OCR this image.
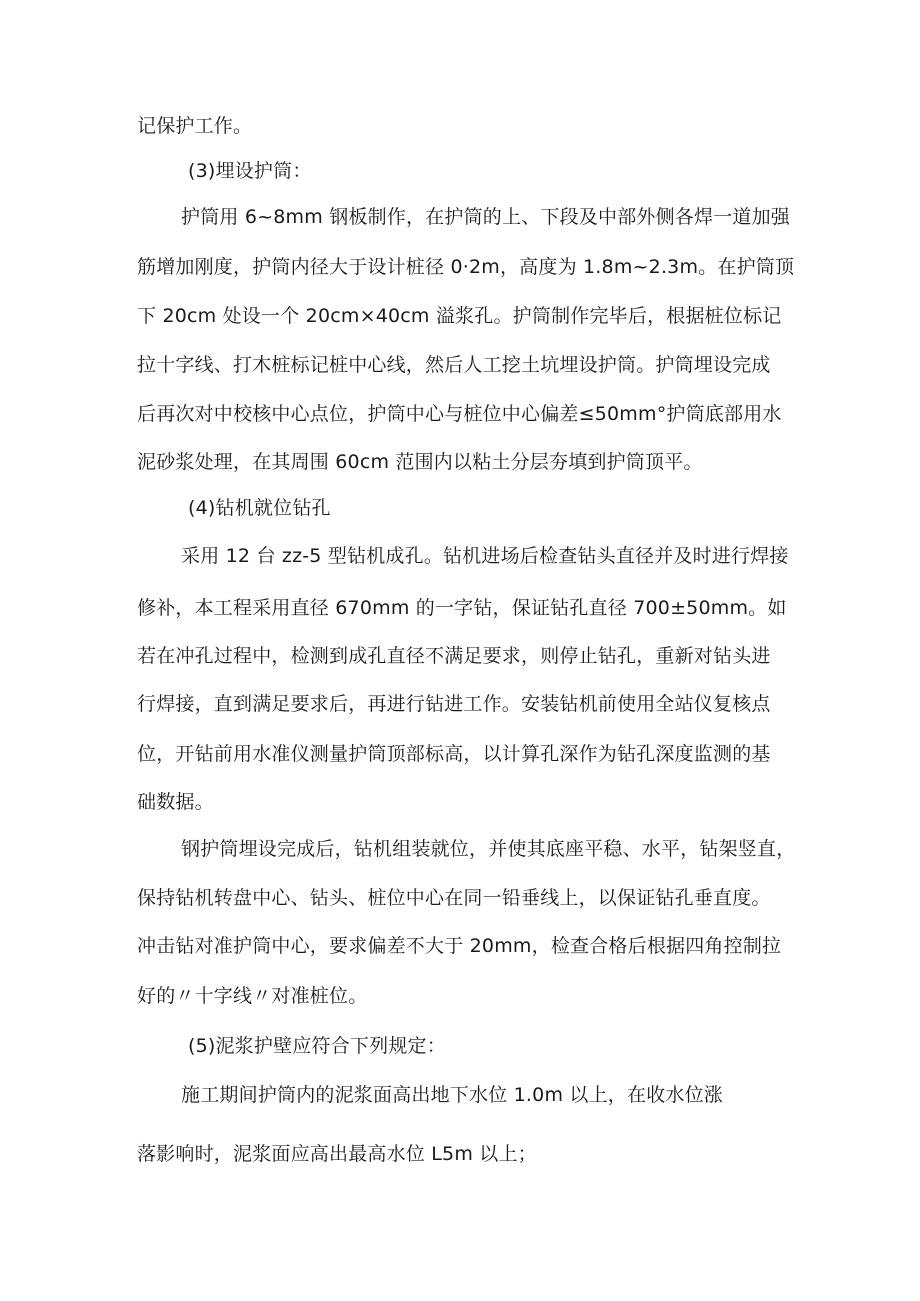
记保护工作。
(3)埋设护筒：
护筒用 6~8mm 钢板制作，在护筒的上、下段及中部外侧各焊一道加强
筋增加刚度，护筒内径大于设计桩径 0·2m，高度为 1.8m~2.3m。在护筒顶
下 20cm 处设一个 20cm×40cm 溢浆孔。护筒制作完毕后，根据桩位标记
拉十字线、打木桩标记桩中心线，然后人工挖土坑埋设护筒。护筒埋设完成
后再次对中校核中心点位，护筒中心与桩位中心偏差≤50mm°护筒底部用水
泥砂浆处理，在其周围 60cm 范围内以粘土分层夯填到护筒顶平。
(4)钻机就位钻孔
采用 12 台 zz-5 型钻机成孔。钻机进场后检查钻头直径并及时进行焊接
修补，本工程采用直径 670mm 的一字钻，保证钻孔直径 700±50mm。如
若在冲孔过程中，检测到成孔直径不满足要求，则停止钻孔，重新对钻头进
行焊接，直到满足要求后，再进行钻进工作。安装钻机前使用全站仪复核点
位，开钻前用水准仪测量护筒顶部标高，以计算孔深作为钻孔深度监测的基
础数据。
钢护筒埋设完成后，钻机组装就位，并使其底座平稳、水平，钻架竖直，
保持钻机转盘中心、钻头、桩位中心在同一铅垂线上，以保证钻孔垂直度。
冲击钻对准护筒中心，要求偏差不大于 20mm，检查合格后根据四角控制拉
好的〃十字线〃对准桩位。
(5)泥浆护壁应符合下列规定：
施工期间护筒内的泥浆面高出地下水位 1.0m 以上，在收水位涨
落影响时，泥浆面应高出最高水位 L5m 以上；
